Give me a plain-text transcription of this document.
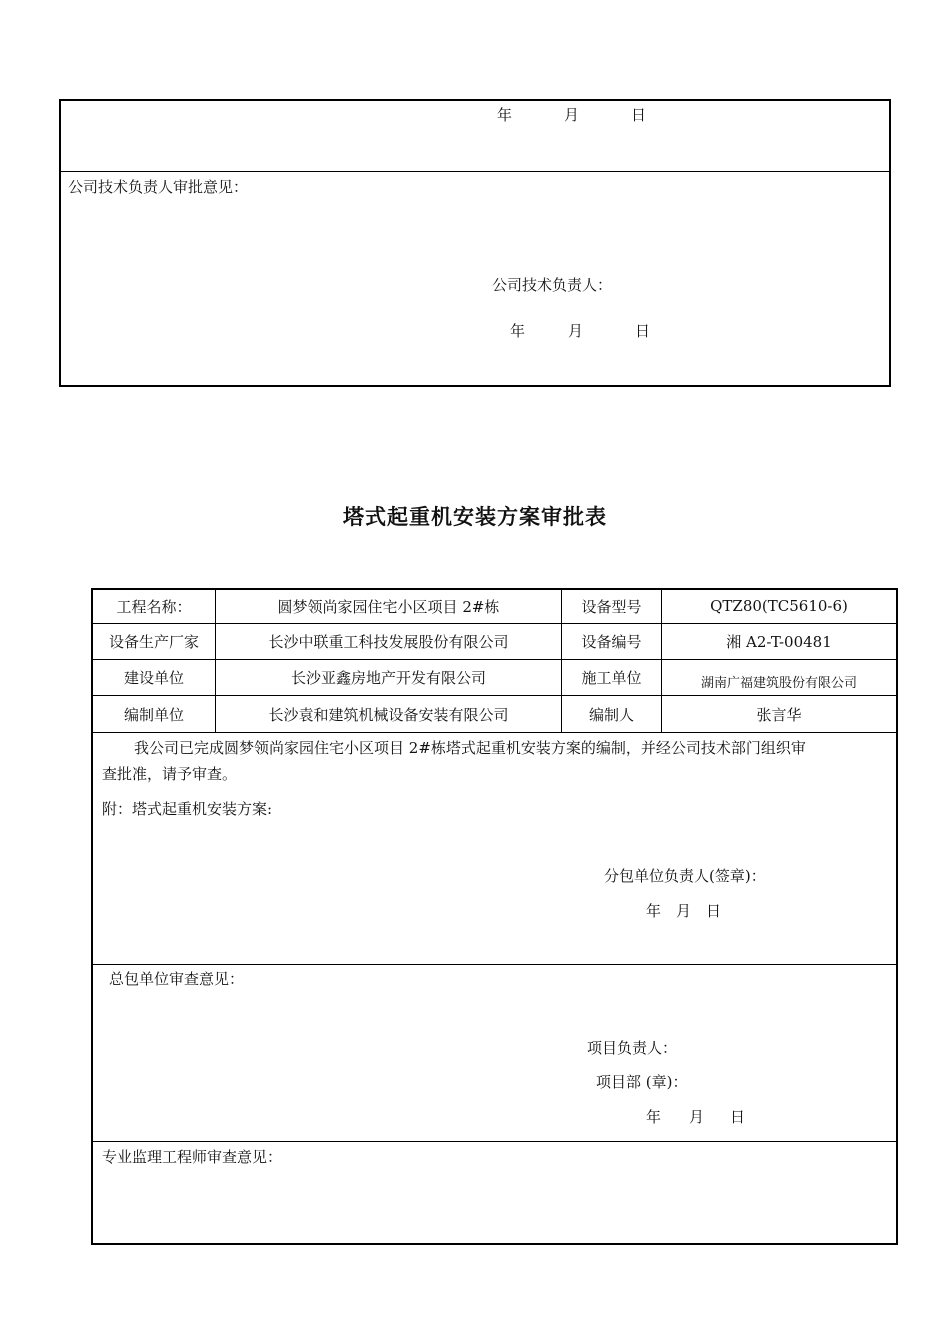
年	月	日
公司技术负责人审批意见：
公司技术负责人：
年	月	日
塔式起重机安装方案审批表
工程名称：	圆梦领尚家园住宅小区项目 2#栋	设备型号	QTZ80(TC5610-6)
设备生产厂家	长沙中联重工科技发展股份有限公司	设备编号	湘 A2-T-00481
建设单位	长沙亚鑫房地产开发有限公司	施工单位	湖南广福建筑股份有限公司
编制单位	长沙袁和建筑机械设备安装有限公司	编制人	张言华
我公司已完成圆梦领尚家园住宅小区项目 2#栋塔式起重机安装方案的编制，并经公司技术部门组织审
查批准，请予审查。
附：塔式起重机安装方案:
分包单位负责人(签章)：
年　月　日
总包单位审查意见：
项目负责人：
项目部 (章)：
年 月 日
专业监理工程师审查意见：
